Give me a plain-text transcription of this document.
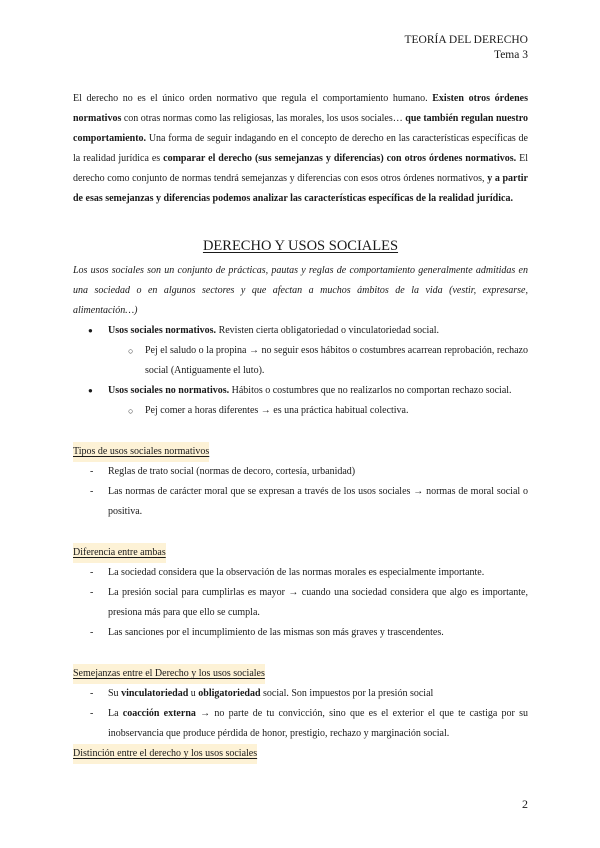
TEORÍA DEL DERECHO
Tema 3

El derecho no es el único orden normativo que regula el comportamiento humano. Existen otros órdenes normativos con otras normas como las religiosas, las morales, los usos sociales… que también regulan nuestro comportamiento. Una forma de seguir indagando en el concepto de derecho en las características específicas de la realidad jurídica es comparar el derecho (sus semejanzas y diferencias) con otros órdenes normativos. El derecho como conjunto de normas tendrá semejanzas y diferencias con esos otros órdenes normativos, y a partir de esas semejanzas y diferencias podemos analizar las características específicas de la realidad jurídica.

DERECHO Y USOS SOCIALES

Los usos sociales son un conjunto de prácticas, pautas y reglas de comportamiento generalmente admitidas en una sociedad o en algunos sectores y que afectan a muchos ámbitos de la vida (vestir, expresarse, alimentación…)

● Usos sociales normativos. Revisten cierta obligatoriedad o vinculatoriedad social.
○ Pej el saludo o la propina → no seguir esos hábitos o costumbres acarrean reprobación, rechazo social (Antiguamente el luto).
● Usos sociales no normativos. Hábitos o costumbres que no realizarlos no comportan rechazo social.
○ Pej comer a horas diferentes → es una práctica habitual colectiva.
Tipos de usos sociales normativos
- Reglas de trato social (normas de decoro, cortesía, urbanidad)
- Las normas de carácter moral que se expresan a través de los usos sociales → normas de moral social o positiva.
Diferencia entre ambas
- La sociedad considera que la observación de las normas morales es especialmente importante.
- La presión social para cumplirlas es mayor → cuando una sociedad considera que algo es importante, presiona más para que ello se cumpla.
- Las sanciones por el incumplimiento de las mismas son más graves y trascendentes.
Semejanzas entre el Derecho y los usos sociales
- Su vinculatoriedad u obligatoriedad social. Son impuestos por la presión social
- La coacción externa → no parte de tu convicción, sino que es el exterior el que te castiga por su inobservancia que produce pérdida de honor, prestigio, rechazo y marginación social.
Distinción entre el derecho y los usos sociales
2
